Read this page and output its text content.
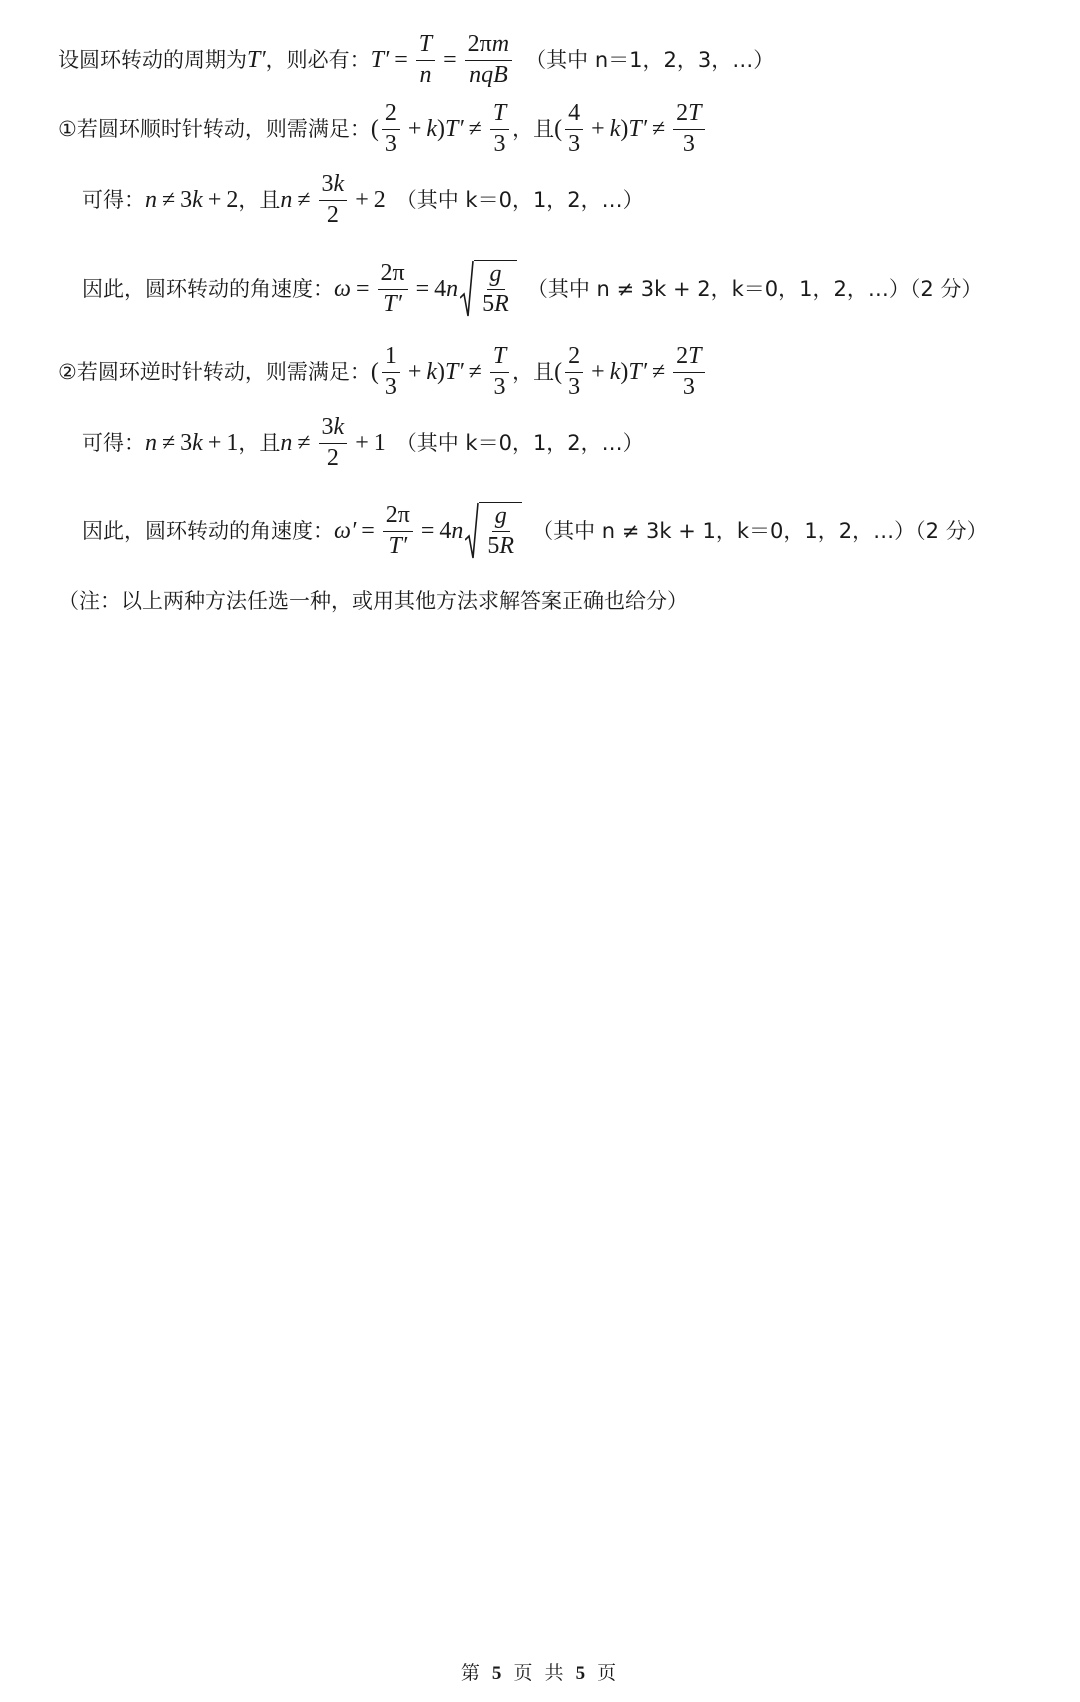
设圆环转动的周期为 T′ ，则必有： $T' = \frac{T}{n} = \frac{2\pi m}{\text{nqB}}$ （其中 n＝1，2，3，…）
①若圆环顺时针转动，则需满足： ( $\frac{2}{3} + k$ ) $T' \ne \frac{T}{3}$ ，且 ( $\frac{4}{3} + k$ ) $T' \ne \frac{2T}{3}$
可得： n ≠ 3 k + 2 ，且 $n \ne \frac{3k}{2} + 2$ （其中 k＝0，1，2，…）
因此，圆环转动的角速度： $\omega = \frac{2\pi}{T'} = 4$ n $\frac{g}{5R}$ （其中 n ≠ 3k + 2，k＝0，1，2，…）（2 分）
②若圆环逆时针转动，则需满足： ( $\frac{1}{3} + k$ ) $T' \ne \frac{T}{3}$ ，且 ( $\frac{2}{3} + k$ ) $T' \ne \frac{2T}{3}$
可得： n ≠ 3 k + 1 ，且 $n \ne \frac{3k}{2} + 1$ （其中 k＝0，1，2，…）
因此，圆环转动的角速度： $\omega' = \frac{2\pi}{T'} = 4$ n $\frac{g}{5R}$ （其中 n ≠ 3k + 1，k＝0，1，2，…）（2 分）
（注：以上两种方法任选一种，或用其他方法求解答案正确也给分）
第 5 页 共 5 页
